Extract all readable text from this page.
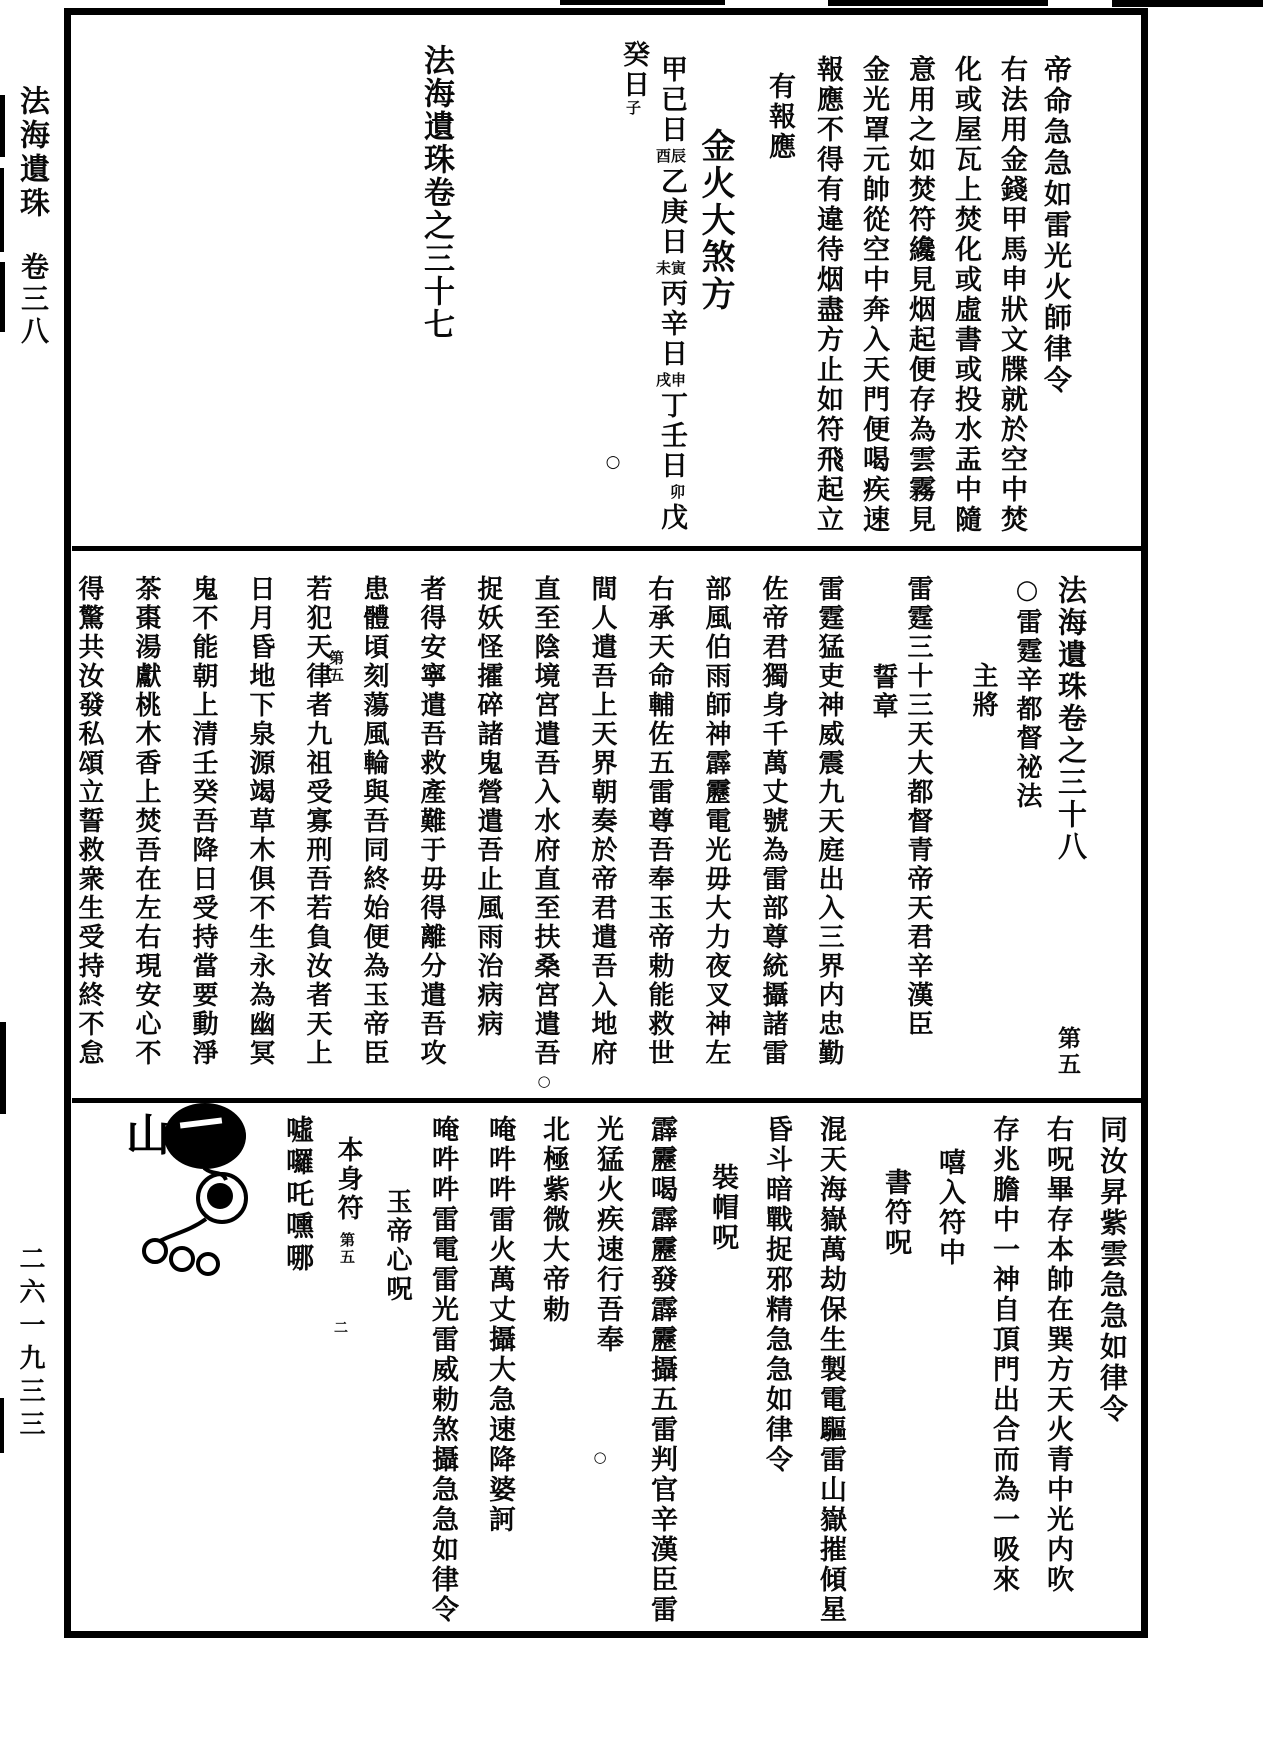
法海遺珠
卷三八
二六一九三三
帝命急急如雷光火師律令
右法用金錢甲馬申狀文牒就於空中焚
化或屋瓦上焚化或虛書或投水盂中隨
意用之如焚符纔見烟起便存為雲霧見
金光罩元帥從空中奔入天門便喝疾速
報應不得有違待烟盡方止如符飛起立
有報應
金火大煞方
甲已日酉辰乙庚日未寅丙辛日戌申丁壬日卯戊
癸日子
○
法海遺珠卷之三十七
法海遺珠卷之三十八
第五
○雷霆辛都督祕法
主將
雷霆三十三天大都督青帝天君辛漢臣
誓章
雷霆猛吏神威震九天庭出入三界内忠勤
佐帝君獨身千萬丈號為雷部尊統攝諸雷
部風伯雨師神霹靂電光毋大力夜叉神左
右承天命輔佐五雷尊吾奉玉帝勅能救世
間人遣吾上天界朝奏於帝君遣吾入地府
直至陰境宮遣吾入水府直至扶桑宮遣吾
○
捉妖怪攉碎諸鬼營遣吾止風雨治病病
者得安寧遣吾救產難于毋得離分遣吾攻
患體頃刻蕩風輪與吾同終始便為玉帝臣
第五
若犯天律者九祖受寡刑吾若負汝者天上
日月昏地下泉源竭草木俱不生永為幽冥
鬼不能朝上清壬癸吾降日受持當要動淨
茶棗湯獻桃木香上焚吾在左右現安心不
得驚共汝發私頌立誓救衆生受持終不怠
同汝昇紫雲急急如律令
右呪畢存本帥在巽方天火青中光内吹
存兆膽中一神自頂門出合而為一吸來
嘻入符中
書符呪
混天海嶽萬劫保生製電驅雷山嶽摧傾星
昏斗暗戰捉邪精急急如律令
裝帽呪
霹靂喝霹靂發霹靂攝五雷判官辛漢臣雷
光猛火疾速行吾奉
○
北極紫微大帝勅
唵吽吽雷火萬丈攝大急速降婆訶
唵吽吽雷電雷光雷威勅煞攝急急如律令
玉帝心呪
本身符
第五
二
噓囉吒嚑哪
山
